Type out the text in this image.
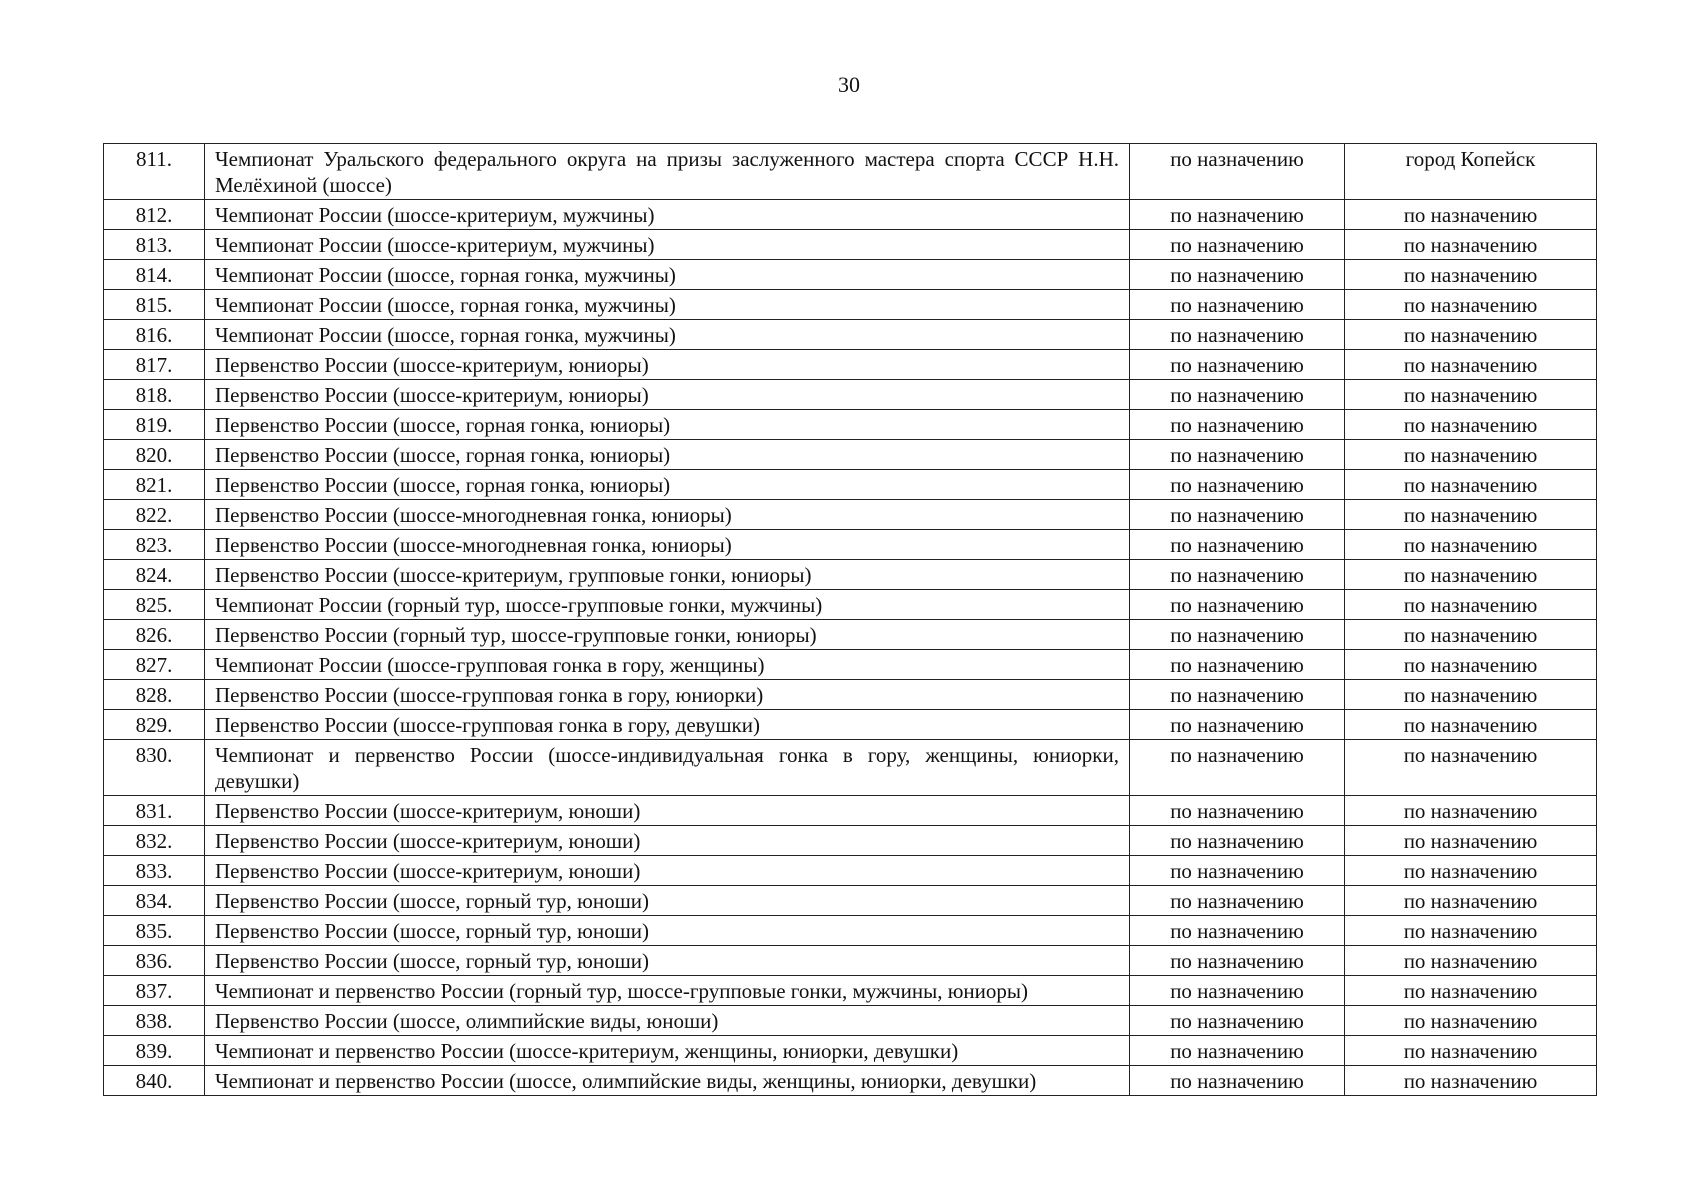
30
811.	Чемпионат Уральского федерального округа на призы заслуженного мастера спорта СССР Н.Н. Мелёхиной (шоссе)	по назначению	город Копейск
812.	Чемпионат России (шоссе-критериум, мужчины)	по назначению	по назначению
813.	Чемпионат России (шоссе-критериум, мужчины)	по назначению	по назначению
814.	Чемпионат России (шоссе, горная гонка, мужчины)	по назначению	по назначению
815.	Чемпионат России (шоссе, горная гонка, мужчины)	по назначению	по назначению
816.	Чемпионат России (шоссе, горная гонка, мужчины)	по назначению	по назначению
817.	Первенство России (шоссе-критериум, юниоры)	по назначению	по назначению
818.	Первенство России (шоссе-критериум, юниоры)	по назначению	по назначению
819.	Первенство России (шоссе, горная гонка, юниоры)	по назначению	по назначению
820.	Первенство России (шоссе, горная гонка, юниоры)	по назначению	по назначению
821.	Первенство России (шоссе, горная гонка, юниоры)	по назначению	по назначению
822.	Первенство России (шоссе-многодневная гонка, юниоры)	по назначению	по назначению
823.	Первенство России (шоссе-многодневная гонка, юниоры)	по назначению	по назначению
824.	Первенство России (шоссе-критериум, групповые гонки, юниоры)	по назначению	по назначению
825.	Чемпионат России (горный тур, шоссе-групповые гонки, мужчины)	по назначению	по назначению
826.	Первенство России (горный тур, шоссе-групповые гонки, юниоры)	по назначению	по назначению
827.	Чемпионат России (шоссе-групповая гонка в гору, женщины)	по назначению	по назначению
828.	Первенство России (шоссе-групповая гонка в гору, юниорки)	по назначению	по назначению
829.	Первенство России (шоссе-групповая гонка в гору, девушки)	по назначению	по назначению
830.	Чемпионат и первенство России (шоссе-индивидуальная гонка в гору, женщины, юниорки, девушки)	по назначению	по назначению
831.	Первенство России (шоссе-критериум, юноши)	по назначению	по назначению
832.	Первенство России (шоссе-критериум, юноши)	по назначению	по назначению
833.	Первенство России (шоссе-критериум, юноши)	по назначению	по назначению
834.	Первенство России (шоссе, горный тур, юноши)	по назначению	по назначению
835.	Первенство России (шоссе, горный тур, юноши)	по назначению	по назначению
836.	Первенство России (шоссе, горный тур, юноши)	по назначению	по назначению
837.	Чемпионат и первенство России (горный тур, шоссе-групповые гонки, мужчины, юниоры)	по назначению	по назначению
838.	Первенство России (шоссе, олимпийские виды, юноши)	по назначению	по назначению
839.	Чемпионат и первенство России (шоссе-критериум, женщины, юниорки, девушки)	по назначению	по назначению
840.	Чемпионат и первенство России (шоссе, олимпийские виды, женщины, юниорки, девушки)	по назначению	по назначению
